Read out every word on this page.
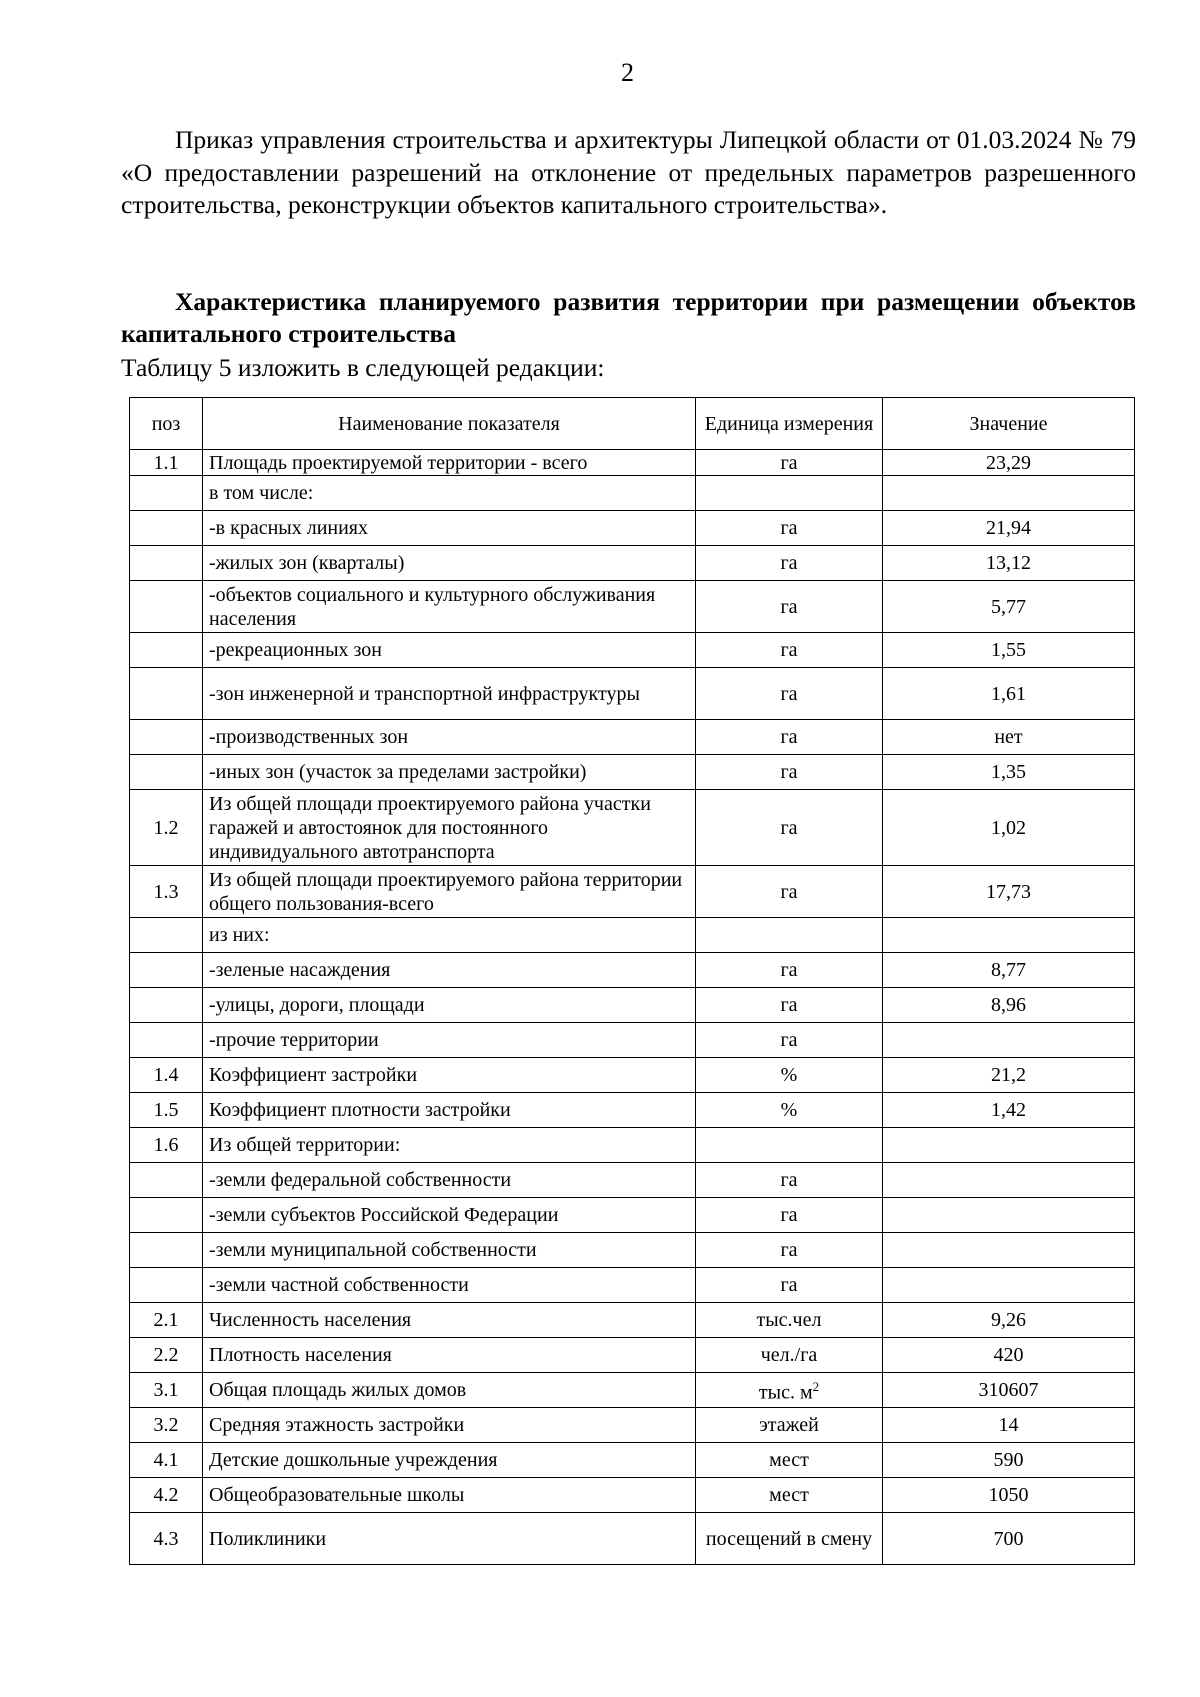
2

Приказ управления строительства и архитектуры Липецкой области от 01.03.2024 № 79 «О предоставлении разрешений на отклонение от предельных параметров разрешенного строительства, реконструкции объектов капитального строительства».

Характеристика планируемого развития территории при размещении объектов капитального строительства

Таблицу 5 изложить в следующей редакции:

поз	Наименование показателя	Единица измерения	Значение
1.1	Площадь проектируемой территории - всего	га	23,29
	в том числе:		
	-в красных линиях	га	21,94
	-жилых зон (кварталы)	га	13,12
	-объектов социального и культурного обслуживания населения	га	5,77
	-рекреационных зон	га	1,55
	-зон инженерной и транспортной инфраструктуры	га	1,61
	-производственных зон	га	нет
	-иных зон (участок за пределами застройки)	га	1,35
1.2	Из общей площади проектируемого района участки гаражей и автостоянок для постоянного индивидуального автотранспорта	га	1,02
1.3	Из общей площади проектируемого района территории общего пользования-всего	га	17,73
	из них:		
	-зеленые насаждения	га	8,77
	-улицы, дороги, площади	га	8,96
	-прочие территории	га	
1.4	Коэффициент застройки	%	21,2
1.5	Коэффициент плотности застройки	%	1,42
1.6	Из общей территории:		
	-земли федеральной собственности	га	
	-земли субъектов Российской Федерации	га	
	-земли муниципальной собственности	га	
	-земли частной собственности	га	
2.1	Численность населения	тыс.чел	9,26
2.2	Плотность населения	чел./га	420
3.1	Общая площадь жилых домов	тыс. $м^2$	310607
3.2	Средняя этажность застройки	этажей	14
4.1	Детские дошкольные учреждения	мест	590
4.2	Общеобразовательные школы	мест	1050
4.3	Поликлиники	посещений в смену	700
